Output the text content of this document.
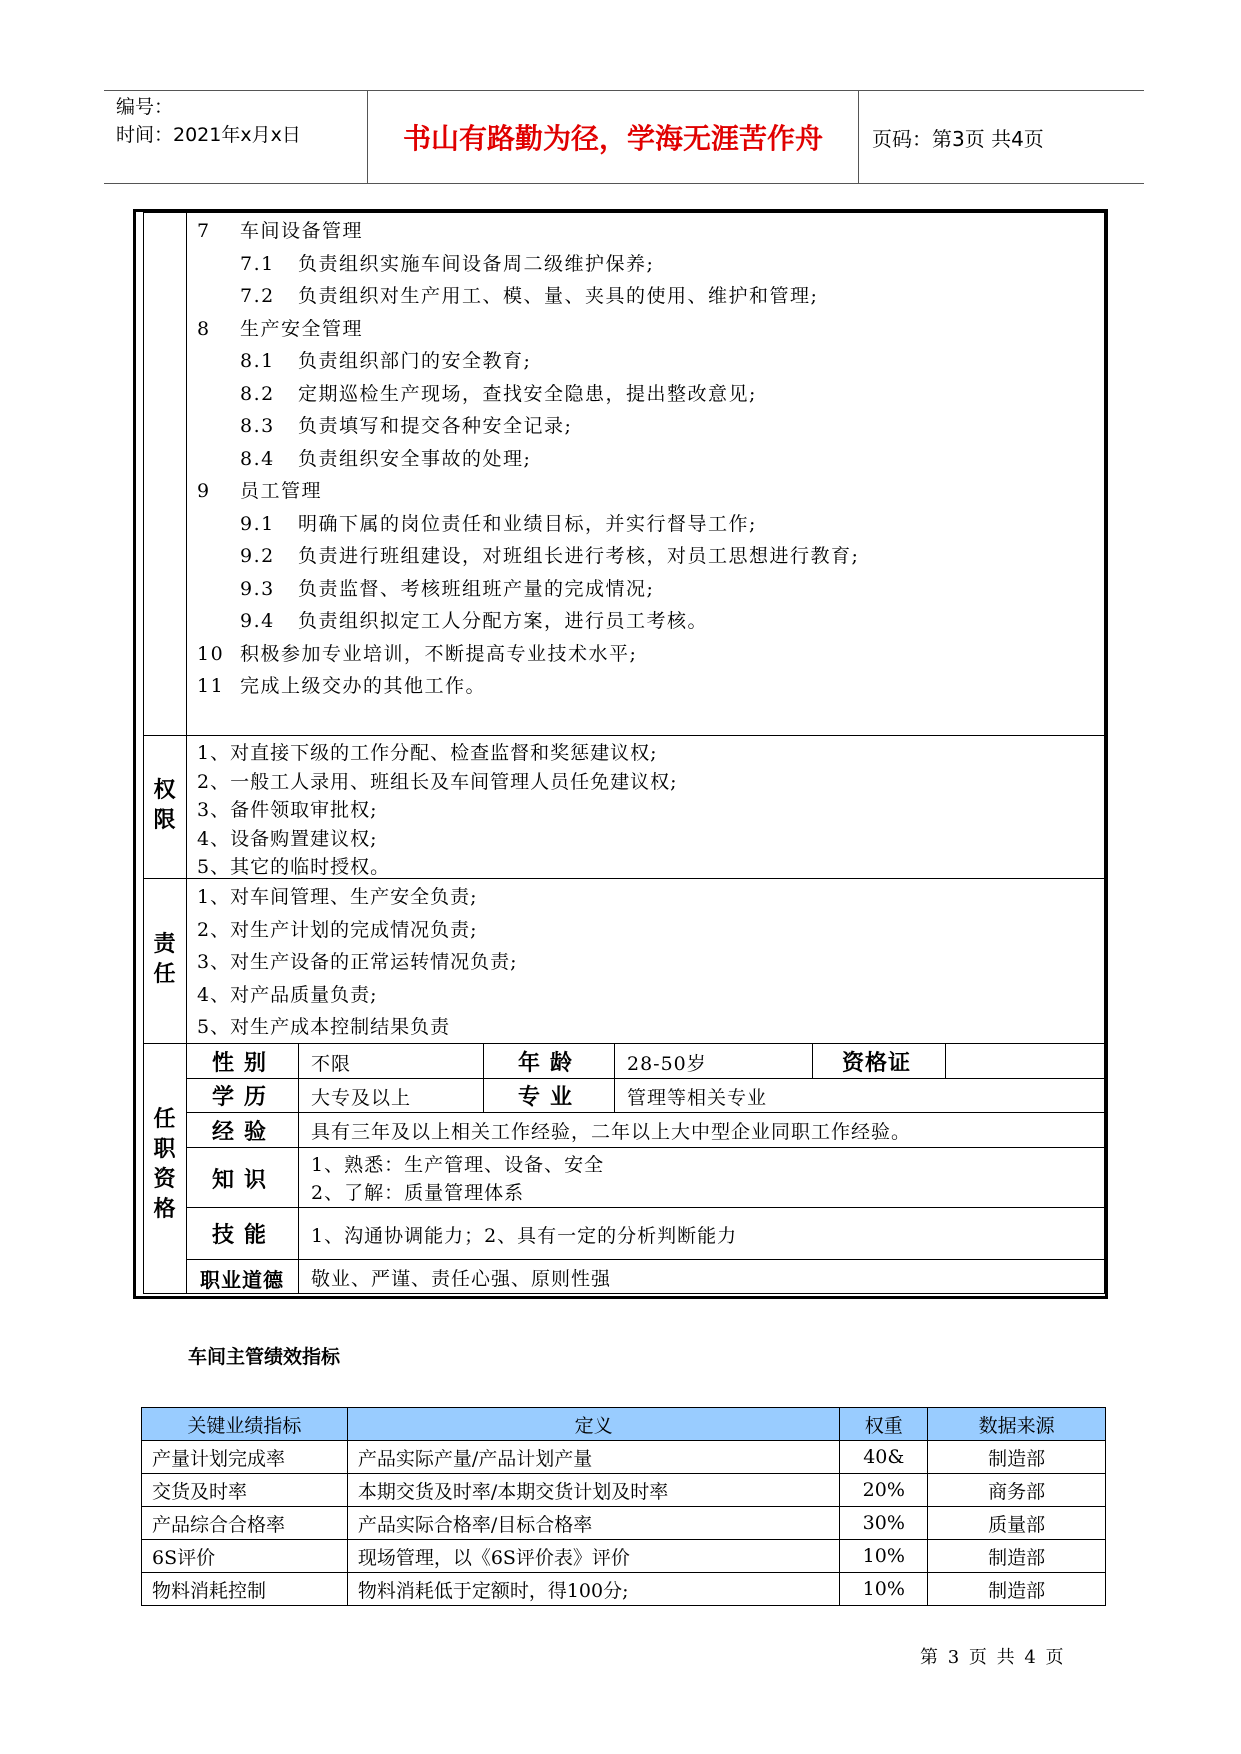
编号：
时间：2021年x月x日	书山有路勤为径，学海无涯苦作舟	页码：第3页 共4页
7 车间设备管理
7.1 负责组织实施车间设备周二级维护保养;
7.2 负责组织对生产用工、模、量、夹具的使用、维护和管理;
8 生产安全管理
8.1 负责组织部门的安全教育;
8.2 定期巡检生产现场，查找安全隐患，提出整改意见;
8.3 负责填写和提交各种安全记录;
8.4 负责组织安全事故的处理;
9 员工管理
9.1 明确下属的岗位责任和业绩目标，并实行督导工作;
9.2 负责进行班组建设，对班组长进行考核，对员工思想进行教育;
9.3 负责监督、考核班组班产量的完成情况;
9.4 负责组织拟定工人分配方案，进行员工考核。
10 积极参加专业培训，不断提高专业技术水平;
11 完成上级交办的其他工作。
权
限
1、对直接下级的工作分配、检查监督和奖惩建议权;
2、一般工人录用、班组长及车间管理人员任免建议权;
3、备件领取审批权;
4、设备购置建议权;
5、其它的临时授权。
责
任
1、对车间管理、生产安全负责;
2、对生产计划的完成情况负责;
3、对生产设备的正常运转情况负责;
4、对产品质量负责;
5、对生产成本控制结果负责
任
职
资
格
性别 不限	年龄 28-50岁	资格证
学历 大专及以上	专业 管理等相关专业
经验 具有三年及以上相关工作经验，二年以上大中型企业同职工作经验。
知识
1、熟悉：生产管理、设备、安全
2、了解：质量管理体系
技能 1、沟通协调能力；2、具有一定的分析判断能力
职业道德 敬业、严谨、责任心强、原则性强
车间主管绩效指标
关键业绩指标	定义	权重	数据来源
产量计划完成率	产品实际产量/产品计划产量	40&	制造部
交货及时率	本期交货及时率/本期交货计划及时率	20%	商务部
产品综合合格率	产品实际合格率/目标合格率	30%	质量部
6S评价	现场管理，以《6S评价表》评价	10%	制造部
物料消耗控制	物料消耗低于定额时，得100分;	10%	制造部
第 3 页 共 4 页
